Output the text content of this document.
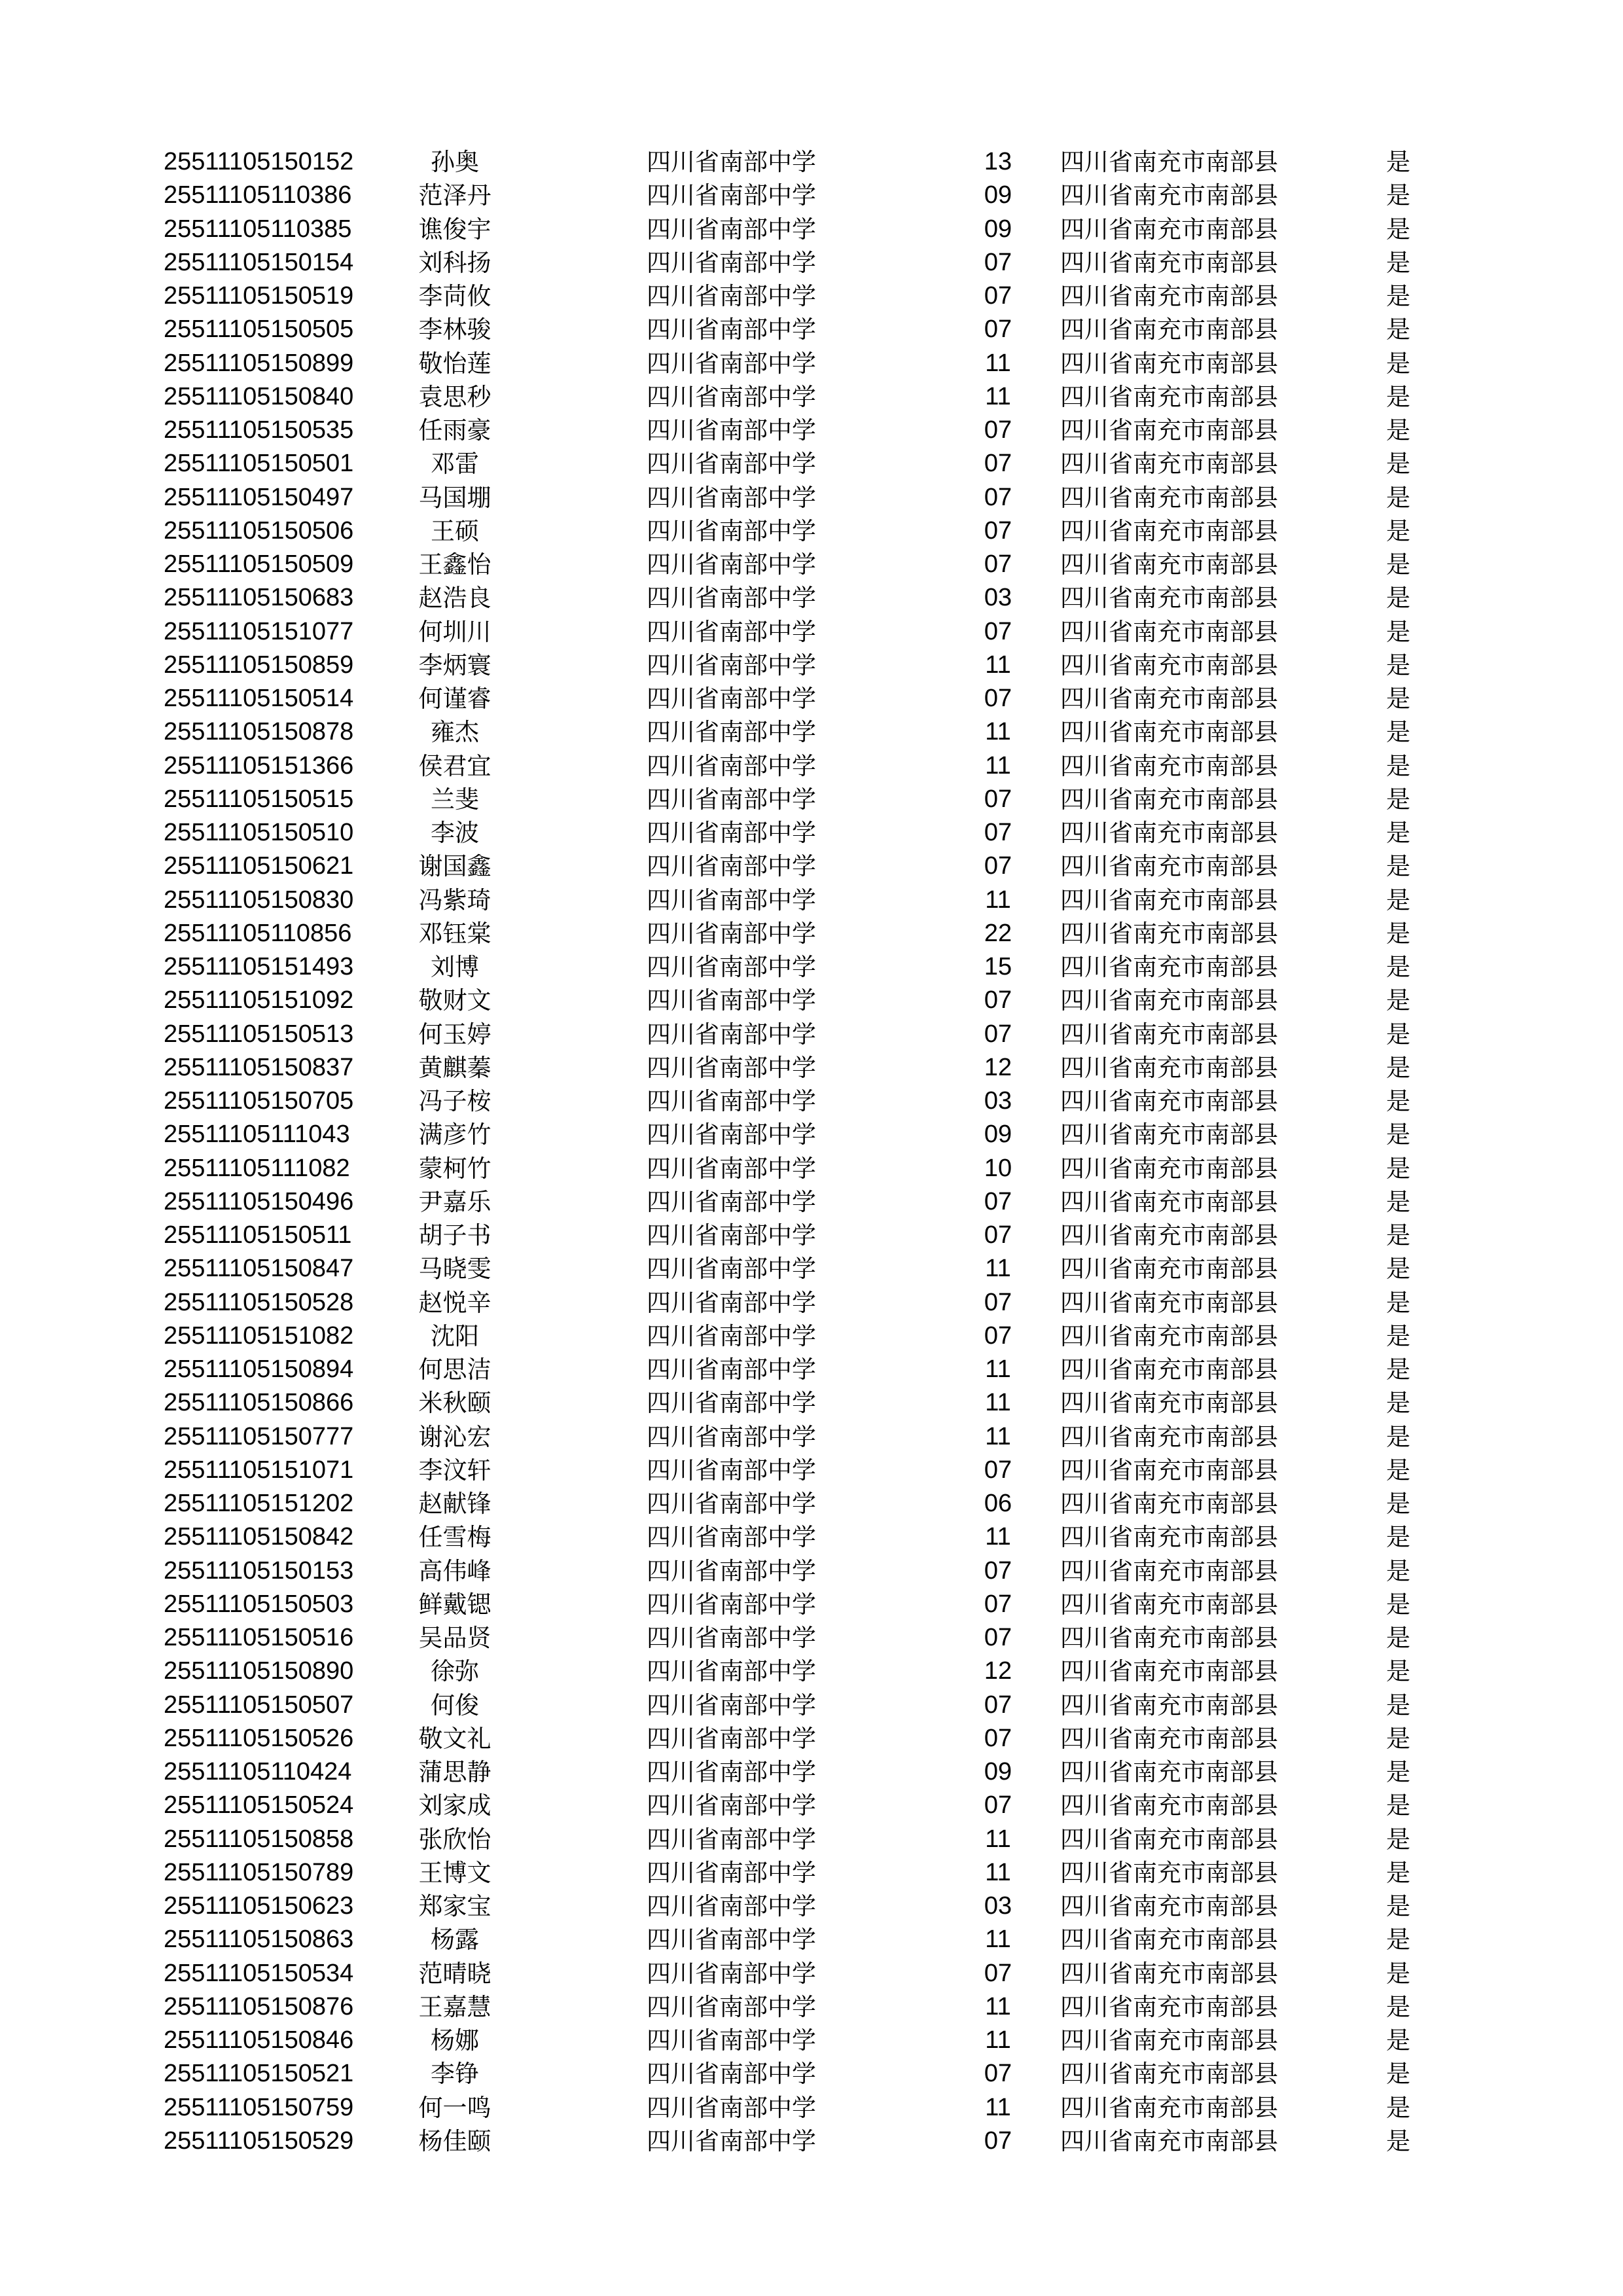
25511105150152	孙奥	四川省南部中学	13	四川省南充市南部县	是
25511105110386	范泽丹	四川省南部中学	09	四川省南充市南部县	是
25511105110385	谯俊宇	四川省南部中学	09	四川省南充市南部县	是
25511105150154	刘科扬	四川省南部中学	07	四川省南充市南部县	是
25511105150519	李苘攸	四川省南部中学	07	四川省南充市南部县	是
25511105150505	李林骏	四川省南部中学	07	四川省南充市南部县	是
25511105150899	敬怡莲	四川省南部中学	11	四川省南充市南部县	是
25511105150840	袁思秒	四川省南部中学	11	四川省南充市南部县	是
25511105150535	任雨豪	四川省南部中学	07	四川省南充市南部县	是
25511105150501	邓雷	四川省南部中学	07	四川省南充市南部县	是
25511105150497	马国堋	四川省南部中学	07	四川省南充市南部县	是
25511105150506	王硕	四川省南部中学	07	四川省南充市南部县	是
25511105150509	王鑫怡	四川省南部中学	07	四川省南充市南部县	是
25511105150683	赵浩良	四川省南部中学	03	四川省南充市南部县	是
25511105151077	何圳川	四川省南部中学	07	四川省南充市南部县	是
25511105150859	李炳寰	四川省南部中学	11	四川省南充市南部县	是
25511105150514	何谨睿	四川省南部中学	07	四川省南充市南部县	是
25511105150878	雍杰	四川省南部中学	11	四川省南充市南部县	是
25511105151366	侯君宜	四川省南部中学	11	四川省南充市南部县	是
25511105150515	兰斐	四川省南部中学	07	四川省南充市南部县	是
25511105150510	李波	四川省南部中学	07	四川省南充市南部县	是
25511105150621	谢国鑫	四川省南部中学	07	四川省南充市南部县	是
25511105150830	冯紫琦	四川省南部中学	11	四川省南充市南部县	是
25511105110856	邓钰棠	四川省南部中学	22	四川省南充市南部县	是
25511105151493	刘博	四川省南部中学	15	四川省南充市南部县	是
25511105151092	敬财文	四川省南部中学	07	四川省南充市南部县	是
25511105150513	何玉婷	四川省南部中学	07	四川省南充市南部县	是
25511105150837	黄麒蓁	四川省南部中学	12	四川省南充市南部县	是
25511105150705	冯子桉	四川省南部中学	03	四川省南充市南部县	是
25511105111043	满彦竹	四川省南部中学	09	四川省南充市南部县	是
25511105111082	蒙柯竹	四川省南部中学	10	四川省南充市南部县	是
25511105150496	尹嘉乐	四川省南部中学	07	四川省南充市南部县	是
25511105150511	胡子书	四川省南部中学	07	四川省南充市南部县	是
25511105150847	马晓雯	四川省南部中学	11	四川省南充市南部县	是
25511105150528	赵悦辛	四川省南部中学	07	四川省南充市南部县	是
25511105151082	沈阳	四川省南部中学	07	四川省南充市南部县	是
25511105150894	何思洁	四川省南部中学	11	四川省南充市南部县	是
25511105150866	米秋颐	四川省南部中学	11	四川省南充市南部县	是
25511105150777	谢沁宏	四川省南部中学	11	四川省南充市南部县	是
25511105151071	李汶轩	四川省南部中学	07	四川省南充市南部县	是
25511105151202	赵献锋	四川省南部中学	06	四川省南充市南部县	是
25511105150842	任雪梅	四川省南部中学	11	四川省南充市南部县	是
25511105150153	高伟峰	四川省南部中学	07	四川省南充市南部县	是
25511105150503	鲜戴锶	四川省南部中学	07	四川省南充市南部县	是
25511105150516	吴品贤	四川省南部中学	07	四川省南充市南部县	是
25511105150890	徐弥	四川省南部中学	12	四川省南充市南部县	是
25511105150507	何俊	四川省南部中学	07	四川省南充市南部县	是
25511105150526	敬文礼	四川省南部中学	07	四川省南充市南部县	是
25511105110424	蒲思静	四川省南部中学	09	四川省南充市南部县	是
25511105150524	刘家成	四川省南部中学	07	四川省南充市南部县	是
25511105150858	张欣怡	四川省南部中学	11	四川省南充市南部县	是
25511105150789	王博文	四川省南部中学	11	四川省南充市南部县	是
25511105150623	郑家宝	四川省南部中学	03	四川省南充市南部县	是
25511105150863	杨露	四川省南部中学	11	四川省南充市南部县	是
25511105150534	范晴晓	四川省南部中学	07	四川省南充市南部县	是
25511105150876	王嘉慧	四川省南部中学	11	四川省南充市南部县	是
25511105150846	杨娜	四川省南部中学	11	四川省南充市南部县	是
25511105150521	李铮	四川省南部中学	07	四川省南充市南部县	是
25511105150759	何一鸣	四川省南部中学	11	四川省南充市南部县	是
25511105150529	杨佳颐	四川省南部中学	07	四川省南充市南部县	是
